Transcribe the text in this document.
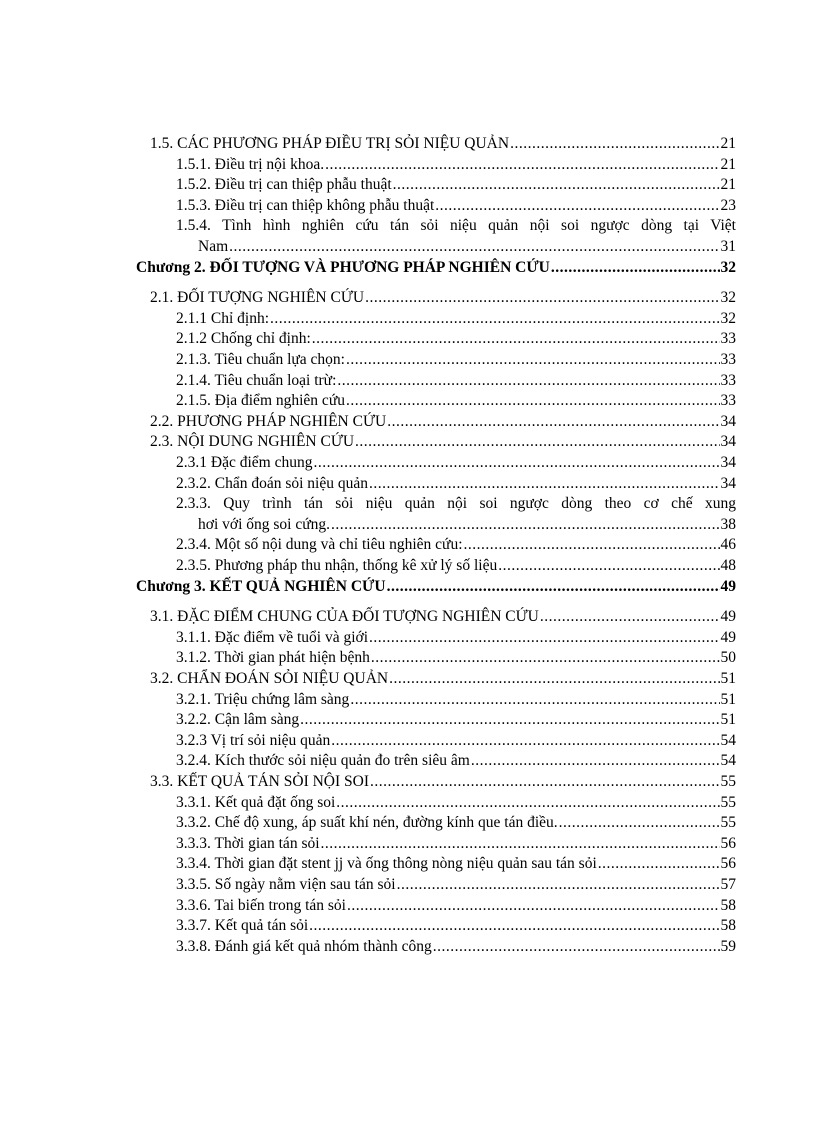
1.5. CÁC PHƯƠNG PHÁP ĐIỀU TRỊ SỎI NIỆU QUẢN .....	21
1.5.1. Điều trị nội khoa. .....	21
1.5.2. Điều trị can thiệp phẫu thuật .....	21
1.5.3. Điều trị can thiệp không phẫu thuật .....	23
1.5.4. Tình hình nghiên cứu tán sỏi niệu quản nội soi ngược dòng tại Việt
Nam .....	31
Chương 2. ĐỐI TƯỢNG VÀ PHƯƠNG PHÁP NGHIÊN CỨU .....	32
2.1. ĐỐI TƯỢNG NGHIÊN CỨU .....	32
2.1.1 Chỉ định: .....	32
2.1.2 Chống chỉ định: .....	33
2.1.3. Tiêu chuẩn lựa chọn: .....	33
2.1.4. Tiêu chuẩn loại trừ: .....	33
2.1.5. Địa điểm nghiên cứu .....	33
2.2. PHƯƠNG PHÁP NGHIÊN CỨU .....	34
2.3. NỘI DUNG NGHIÊN CỨU .....	34
2.3.1 Đặc điểm chung .....	34
2.3.2. Chẩn đoán sỏi niệu quản .....	34
2.3.3. Quy trình tán sỏi niệu quản nội soi ngược dòng theo cơ chế xung
hơi với ống soi cứng. .....	38
2.3.4. Một số nội dung và chỉ tiêu nghiên cứu: .....	46
2.3.5. Phương pháp thu nhận, thống kê xử lý số liệu .....	48
Chương 3. KẾT QUẢ NGHIÊN CỨU .....	49
3.1. ĐẶC ĐIỂM CHUNG CỦA ĐỐI TƯỢNG NGHIÊN CỨU .....	49
3.1.1. Đặc điểm về tuổi và giới .....	49
3.1.2. Thời gian phát hiện bệnh .....	50
3.2. CHẨN ĐOÁN SỎI NIỆU QUẢN .....	51
3.2.1. Triệu chứng lâm sàng .....	51
3.2.2. Cận lâm sàng .....	51
3.2.3 Vị trí sỏi niệu quản .....	54
3.2.4. Kích thước sỏi niệu quản đo trên siêu âm .....	54
3.3. KẾT QUẢ TÁN SỎI NỘI SOI .....	55
3.3.1. Kết quả đặt ống soi .....	55
3.3.2. Chế độ xung, áp suất khí nén, đường kính que tán điều. .....	55
3.3.3. Thời gian tán sỏi .....	56
3.3.4. Thời gian đặt stent jj và ống thông nòng niệu quản sau tán sỏi .....	56
3.3.5. Số ngày nằm viện sau tán sỏi .....	57
3.3.6. Tai biến trong tán sỏi .....	58
3.3.7. Kết quả tán sỏi .....	58
3.3.8. Đánh giá kết quả nhóm thành công .....	59
